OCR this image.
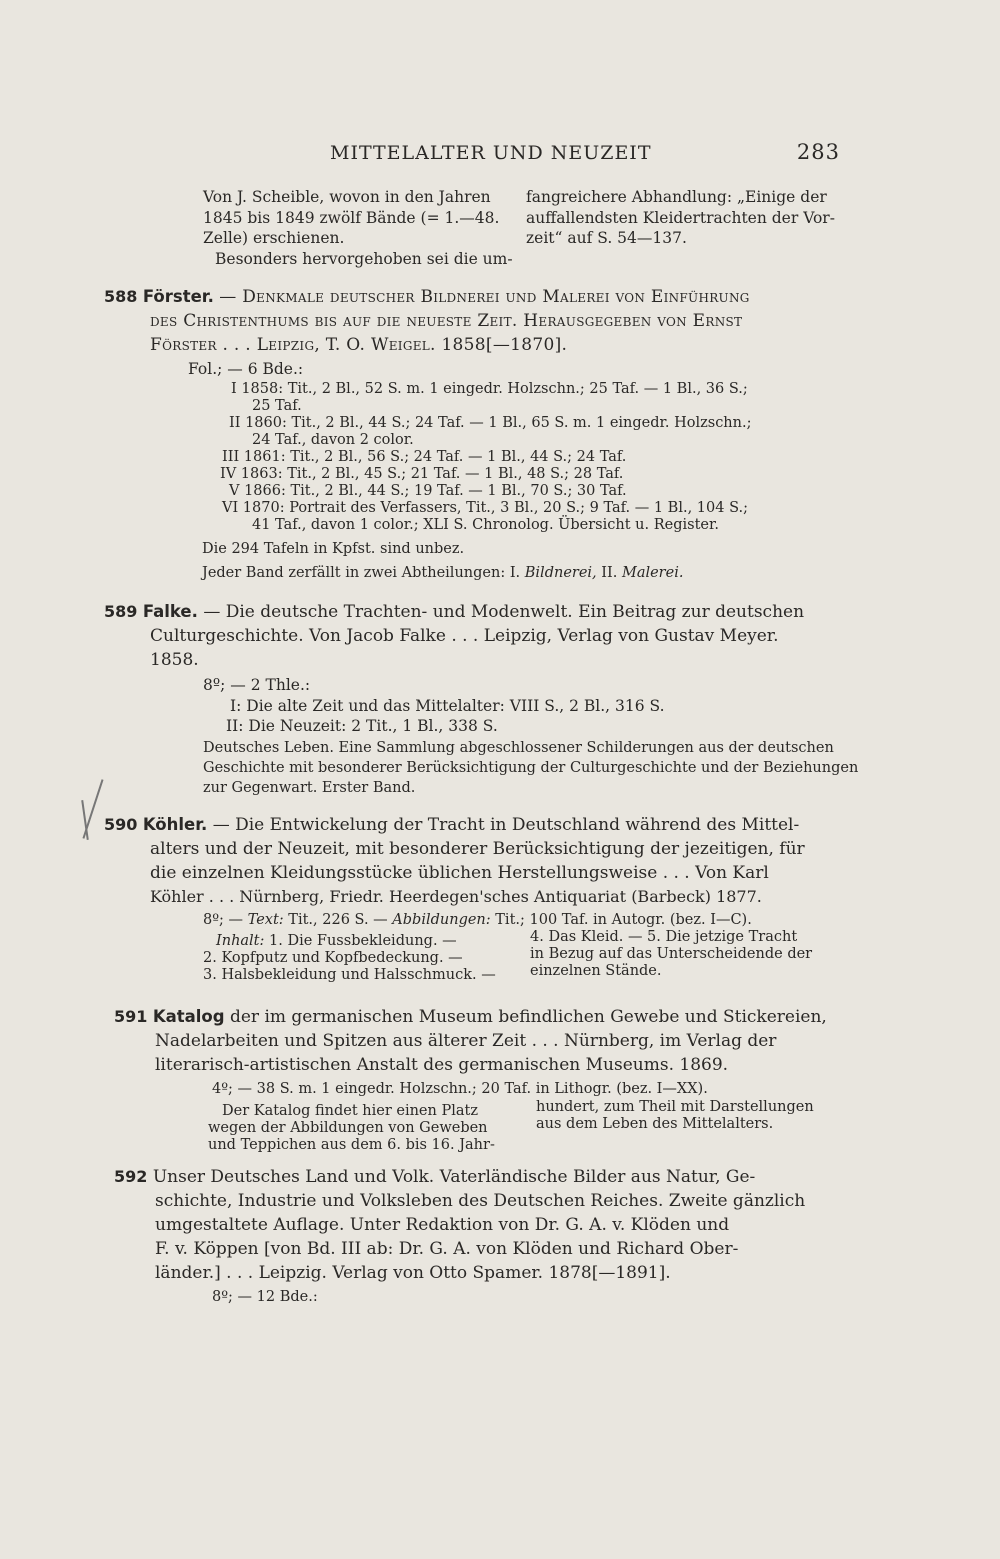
MITTELALTER UND NEUZEIT	283
Von J. Scheible, wovon in den Jahren
1845 bis 1849 zwölf Bände (= 1.—48.
Zelle) erschienen.
Besonders hervorgehoben sei die um-
fangreichere Abhandlung: „Einige der
auffallendsten Kleidertrachten der Vor-
zeit“ auf S. 54—137.
588 Förster. — Denkmale deutscher Bildnerei und Malerei von Einführung
des Christenthums bis auf die neueste Zeit. Herausgegeben von Ernst
Förster . . . Leipzig, T. O. Weigel. 1858[—1870].
Fol.; — 6 Bde.:
I 1858: Tit., 2 Bl., 52 S. m. 1 eingedr. Holzschn.; 25 Taf. — 1 Bl., 36 S.;
25 Taf.
II 1860: Tit., 2 Bl., 44 S.; 24 Taf. — 1 Bl., 65 S. m. 1 eingedr. Holzschn.;
24 Taf., davon 2 color.
III 1861: Tit., 2 Bl., 56 S.; 24 Taf. — 1 Bl., 44 S.; 24 Taf.
IV 1863: Tit., 2 Bl., 45 S.; 21 Taf. — 1 Bl., 48 S.; 28 Taf.
V 1866: Tit., 2 Bl., 44 S.; 19 Taf. — 1 Bl., 70 S.; 30 Taf.
VI 1870: Portrait des Verfassers, Tit., 3 Bl., 20 S.; 9 Taf. — 1 Bl., 104 S.;
41 Taf., davon 1 color.; XLI S. Chronolog. Übersicht u. Register.
Die 294 Tafeln in Kpfst. sind unbez.
Jeder Band zerfällt in zwei Abtheilungen: I. Bildnerei, II. Malerei.
589 Falke. — Die deutsche Trachten- und Modenwelt. Ein Beitrag zur deutschen
Culturgeschichte. Von Jacob Falke . . . Leipzig, Verlag von Gustav Meyer.
1858.
8º; — 2 Thle.:
I: Die alte Zeit und das Mittelalter: VIII S., 2 Bl., 316 S.
II: Die Neuzeit: 2 Tit., 1 Bl., 338 S.
Deutsches Leben. Eine Sammlung abgeschlossener Schilderungen aus der deutschen
Geschichte mit besonderer Berücksichtigung der Culturgeschichte und der Beziehungen
zur Gegenwart. Erster Band.
590 Köhler. — Die Entwickelung der Tracht in Deutschland während des Mittel-
alters und der Neuzeit, mit besonderer Berücksichtigung der jezeitigen, für
die einzelnen Kleidungsstücke üblichen Herstellungsweise . . . Von Karl
Köhler . . . Nürnberg, Friedr. Heerdegen'sches Antiquariat (Barbeck) 1877.
8º; — Text: Tit., 226 S. — Abbildungen: Tit.; 100 Taf. in Autogr. (bez. I—C).
Inhalt: 1. Die Fussbekleidung. —
2. Kopfputz und Kopfbedeckung. —
3. Halsbekleidung und Halsschmuck. —
4. Das Kleid. — 5. Die jetzige Tracht
in Bezug auf das Unterscheidende der
einzelnen Stände.
591 Katalog der im germanischen Museum befindlichen Gewebe und Stickereien,
Nadelarbeiten und Spitzen aus älterer Zeit . . . Nürnberg, im Verlag der
literarisch-artistischen Anstalt des germanischen Museums. 1869.
4º; — 38 S. m. 1 eingedr. Holzschn.; 20 Taf. in Lithogr. (bez. I—XX).
Der Katalog findet hier einen Platz
wegen der Abbildungen von Geweben
und Teppichen aus dem 6. bis 16. Jahr-
hundert, zum Theil mit Darstellungen
aus dem Leben des Mittelalters.
592 Unser Deutsches Land und Volk. Vaterländische Bilder aus Natur, Ge-
schichte, Industrie und Volksleben des Deutschen Reiches. Zweite gänzlich
umgestaltete Auflage. Unter Redaktion von Dr. G. A. v. Klöden und
F. v. Köppen [von Bd. III ab: Dr. G. A. von Klöden und Richard Ober-
länder.] . . . Leipzig. Verlag von Otto Spamer. 1878[—1891].
8º; — 12 Bde.:
